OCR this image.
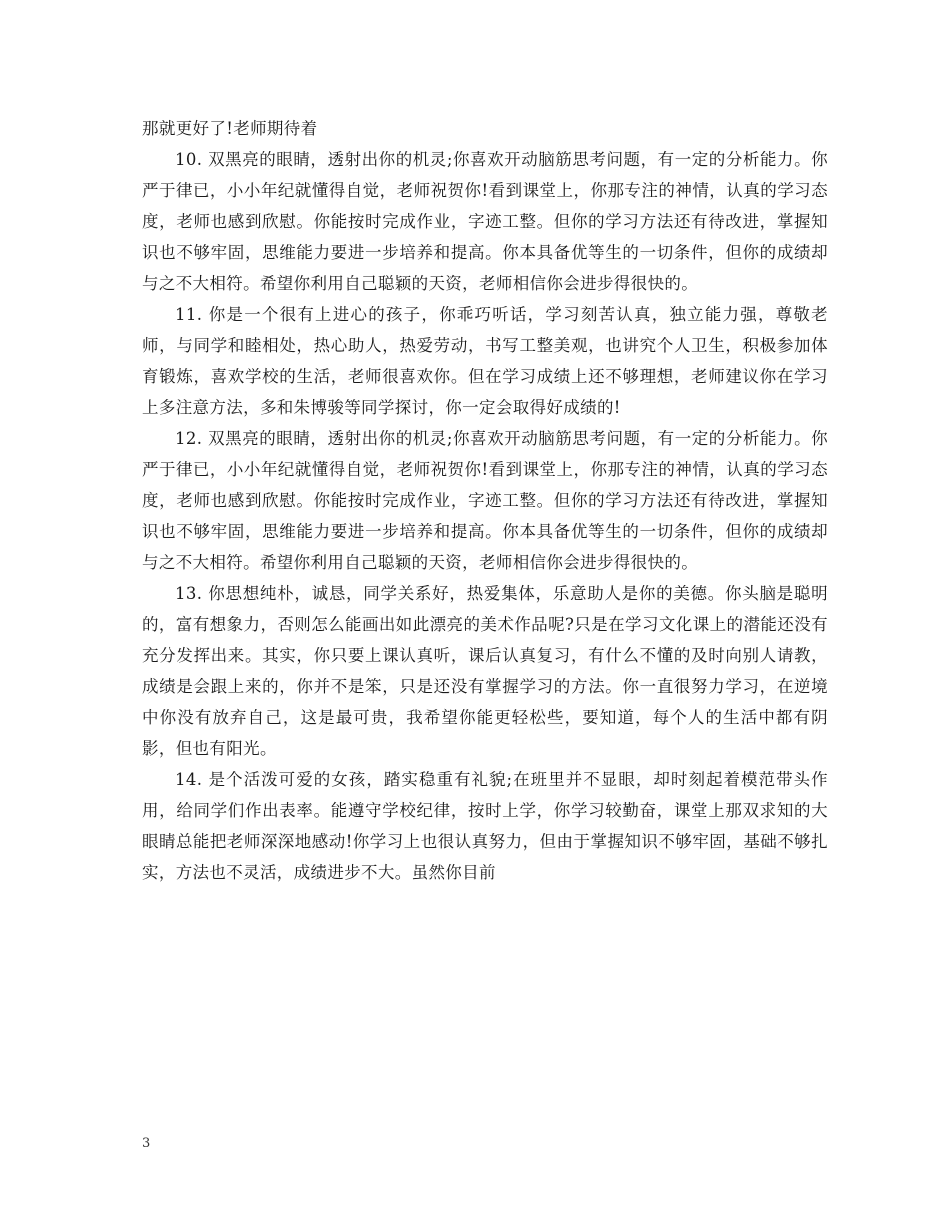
那就更好了!老师期待着

10. 双黑亮的眼睛，透射出你的机灵;你喜欢开动脑筋思考问题，有一定的分析能力。你严于律已，小小年纪就懂得自觉，老师祝贺你!看到课堂上，你那专注的神情，认真的学习态度，老师也感到欣慰。你能按时完成作业，字迹工整。但你的学习方法还有待改进，掌握知识也不够牢固，思维能力要进一步培养和提高。你本具备优等生的一切条件，但你的成绩却与之不大相符。希望你利用自己聪颖的天资，老师相信你会进步得很快的。

11. 你是一个很有上进心的孩子，你乖巧听话，学习刻苦认真，独立能力强，尊敬老师，与同学和睦相处，热心助人，热爱劳动，书写工整美观，也讲究个人卫生，积极参加体育锻炼，喜欢学校的生活，老师很喜欢你。但在学习成绩上还不够理想，老师建议你在学习上多注意方法，多和朱博骏等同学探讨，你一定会取得好成绩的!

12. 双黑亮的眼睛，透射出你的机灵;你喜欢开动脑筋思考问题，有一定的分析能力。你严于律已，小小年纪就懂得自觉，老师祝贺你!看到课堂上，你那专注的神情，认真的学习态度，老师也感到欣慰。你能按时完成作业，字迹工整。但你的学习方法还有待改进，掌握知识也不够牢固，思维能力要进一步培养和提高。你本具备优等生的一切条件，但你的成绩却与之不大相符。希望你利用自己聪颖的天资，老师相信你会进步得很快的。

13. 你思想纯朴，诚恳，同学关系好，热爱集体，乐意助人是你的美德。你头脑是聪明的，富有想象力，否则怎么能画出如此漂亮的美术作品呢?只是在学习文化课上的潜能还没有充分发挥出来。其实，你只要上课认真听，课后认真复习，有什么不懂的及时向别人请教，成绩是会跟上来的，你并不是笨，只是还没有掌握学习的方法。你一直很努力学习，在逆境中你没有放弃自己，这是最可贵，我希望你能更轻松些，要知道，每个人的生活中都有阴影，但也有阳光。

14. 是个活泼可爱的女孩，踏实稳重有礼貌;在班里并不显眼，却时刻起着模范带头作用，给同学们作出表率。能遵守学校纪律，按时上学，你学习较勤奋，课堂上那双求知的大眼睛总能把老师深深地感动!你学习上也很认真努力，但由于掌握知识不够牢固，基础不够扎实，方法也不灵活，成绩进步不大。虽然你目前

3
